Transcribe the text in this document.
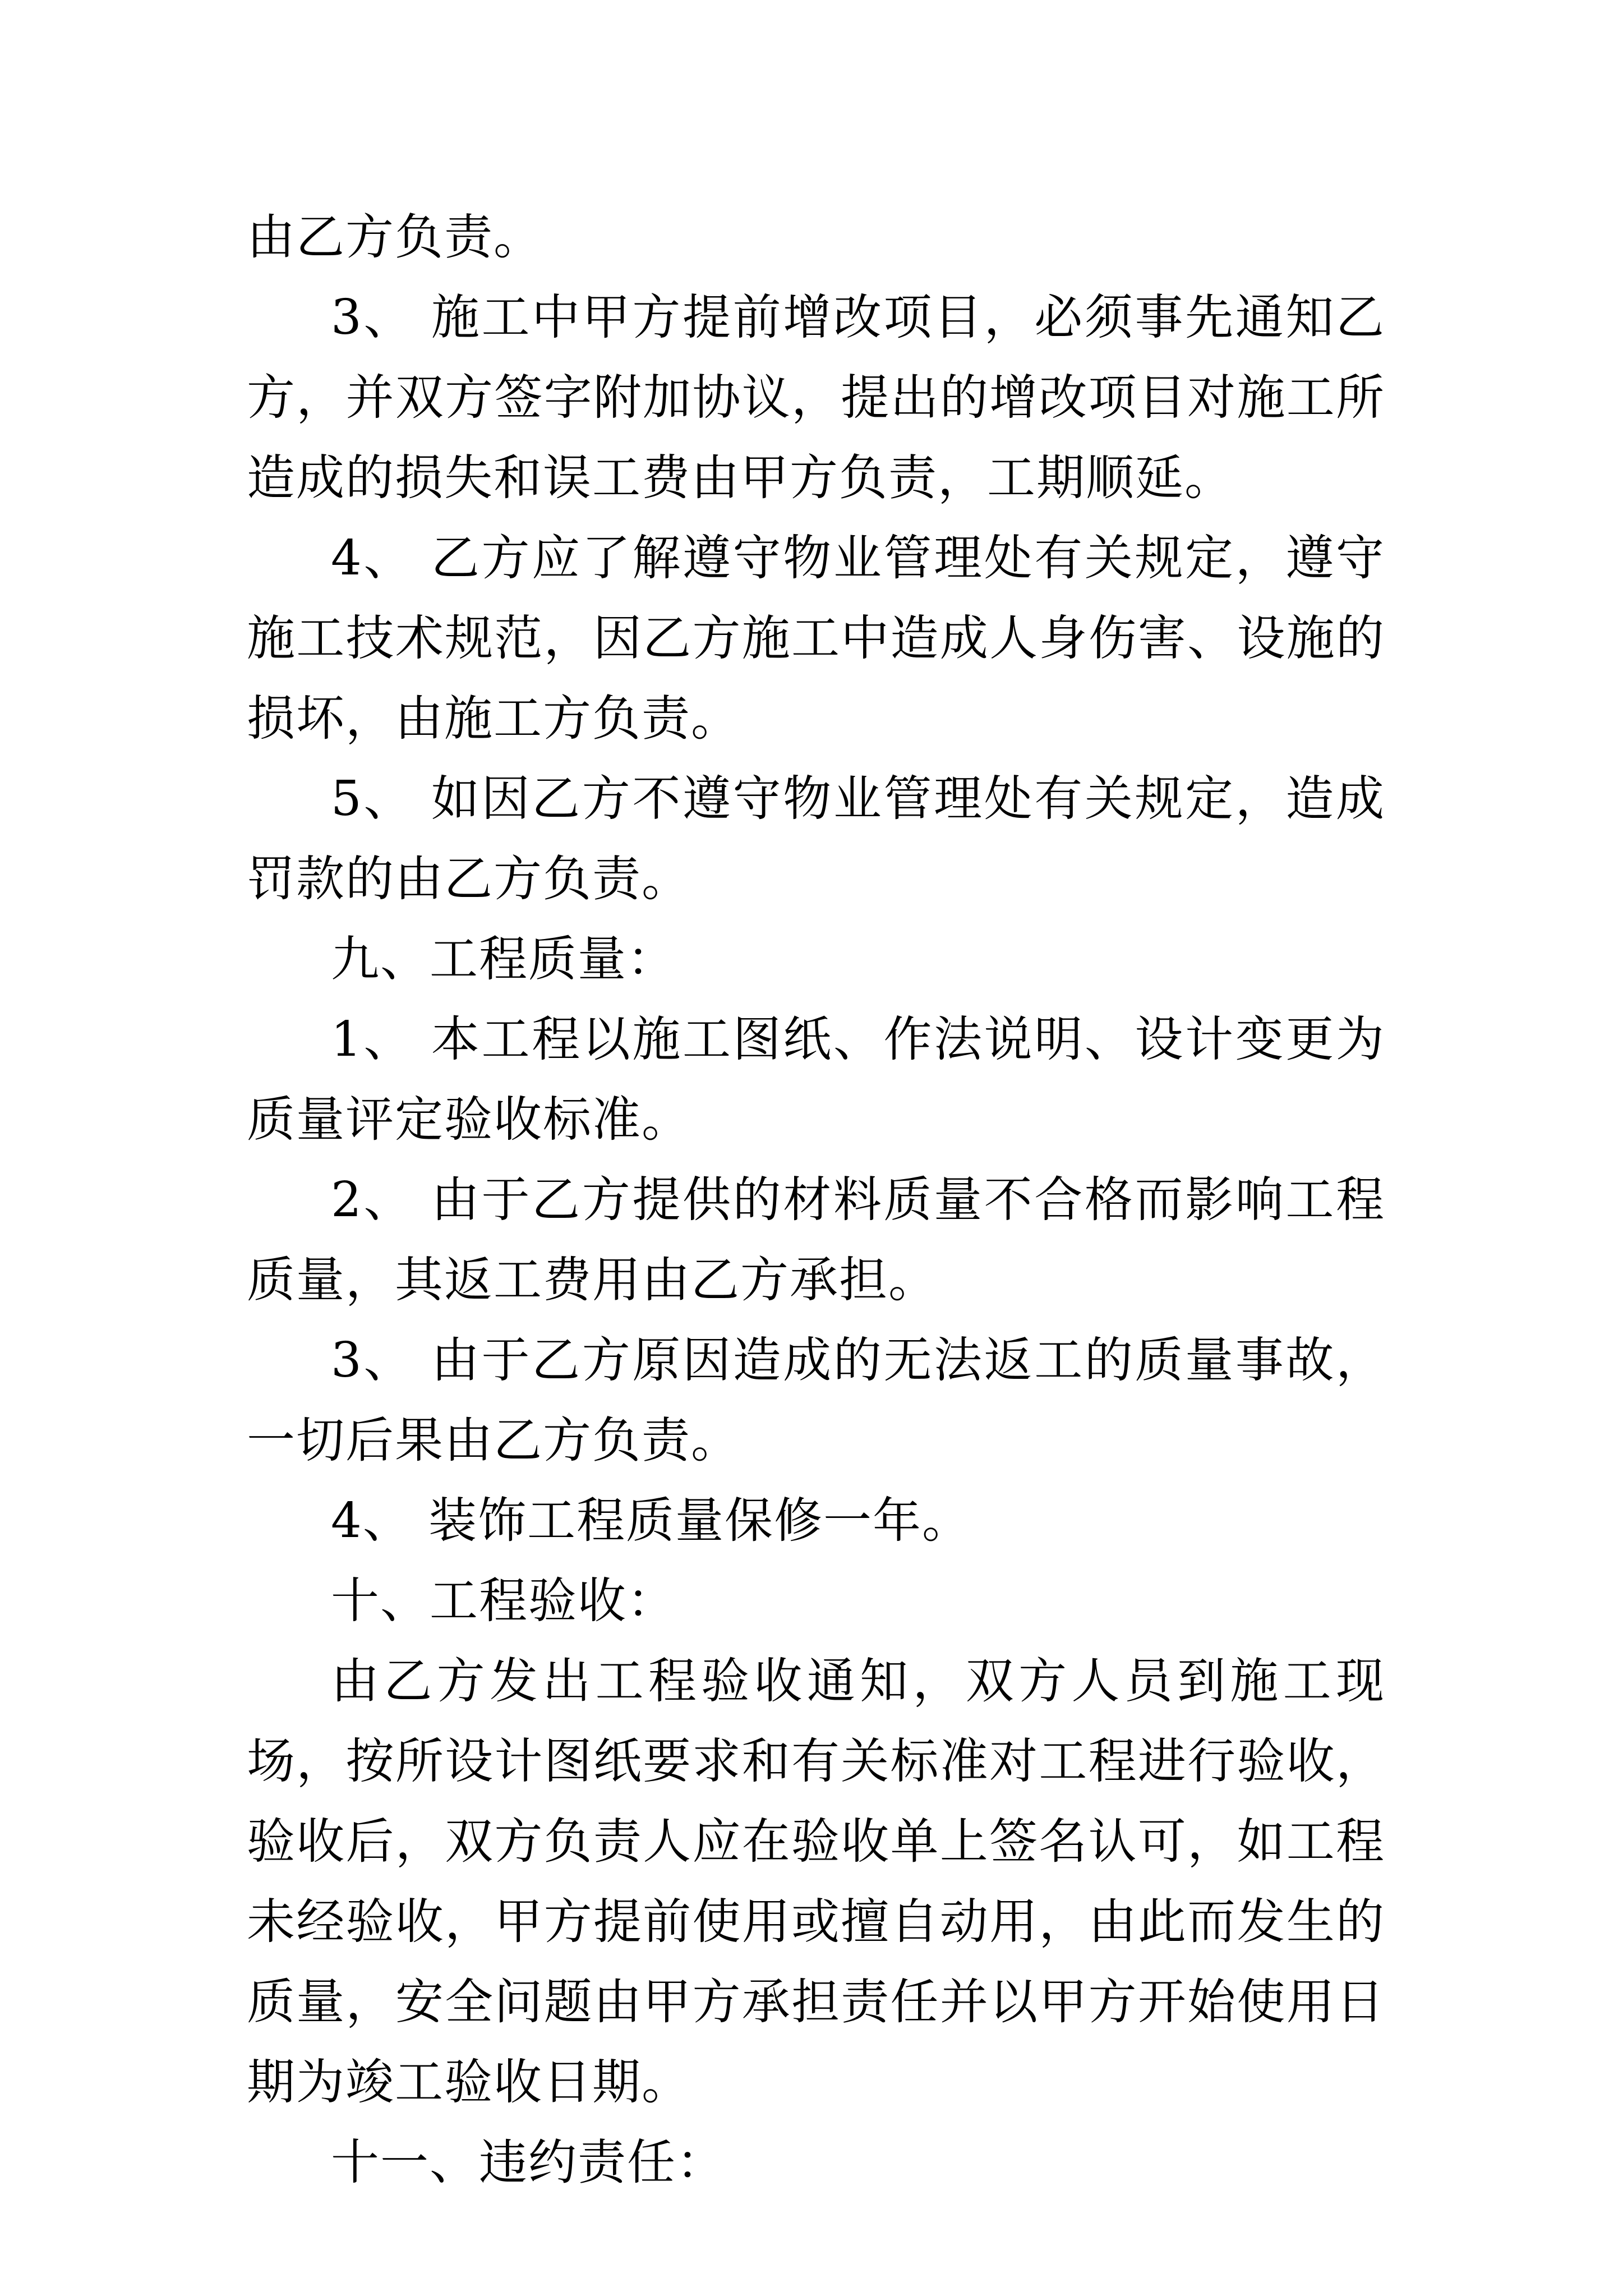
由乙方负责。

3、 施工中甲方提前增改项目，必须事先通知乙方，并双方签字附加协议，提出的增改项目对施工所造成的损失和误工费由甲方负责，工期顺延。

4、 乙方应了解遵守物业管理处有关规定，遵守施工技术规范，因乙方施工中造成人身伤害、设施的损坏，由施工方负责。

5、 如因乙方不遵守物业管理处有关规定，造成罚款的由乙方负责。

九、工程质量：

1、 本工程以施工图纸、作法说明、设计变更为质量评定验收标准。

2、 由于乙方提供的材料质量不合格而影响工程质量，其返工费用由乙方承担。

3、 由于乙方原因造成的无法返工的质量事故，一切后果由乙方负责。

4、 装饰工程质量保修一年。

十、工程验收：

由乙方发出工程验收通知，双方人员到施工现场，按所设计图纸要求和有关标准对工程进行验收，验收后，双方负责人应在验收单上签名认可，如工程未经验收，甲方提前使用或擅自动用，由此而发生的质量，安全问题由甲方承担责任并以甲方开始使用日期为竣工验收日期。

十一、违约责任：
